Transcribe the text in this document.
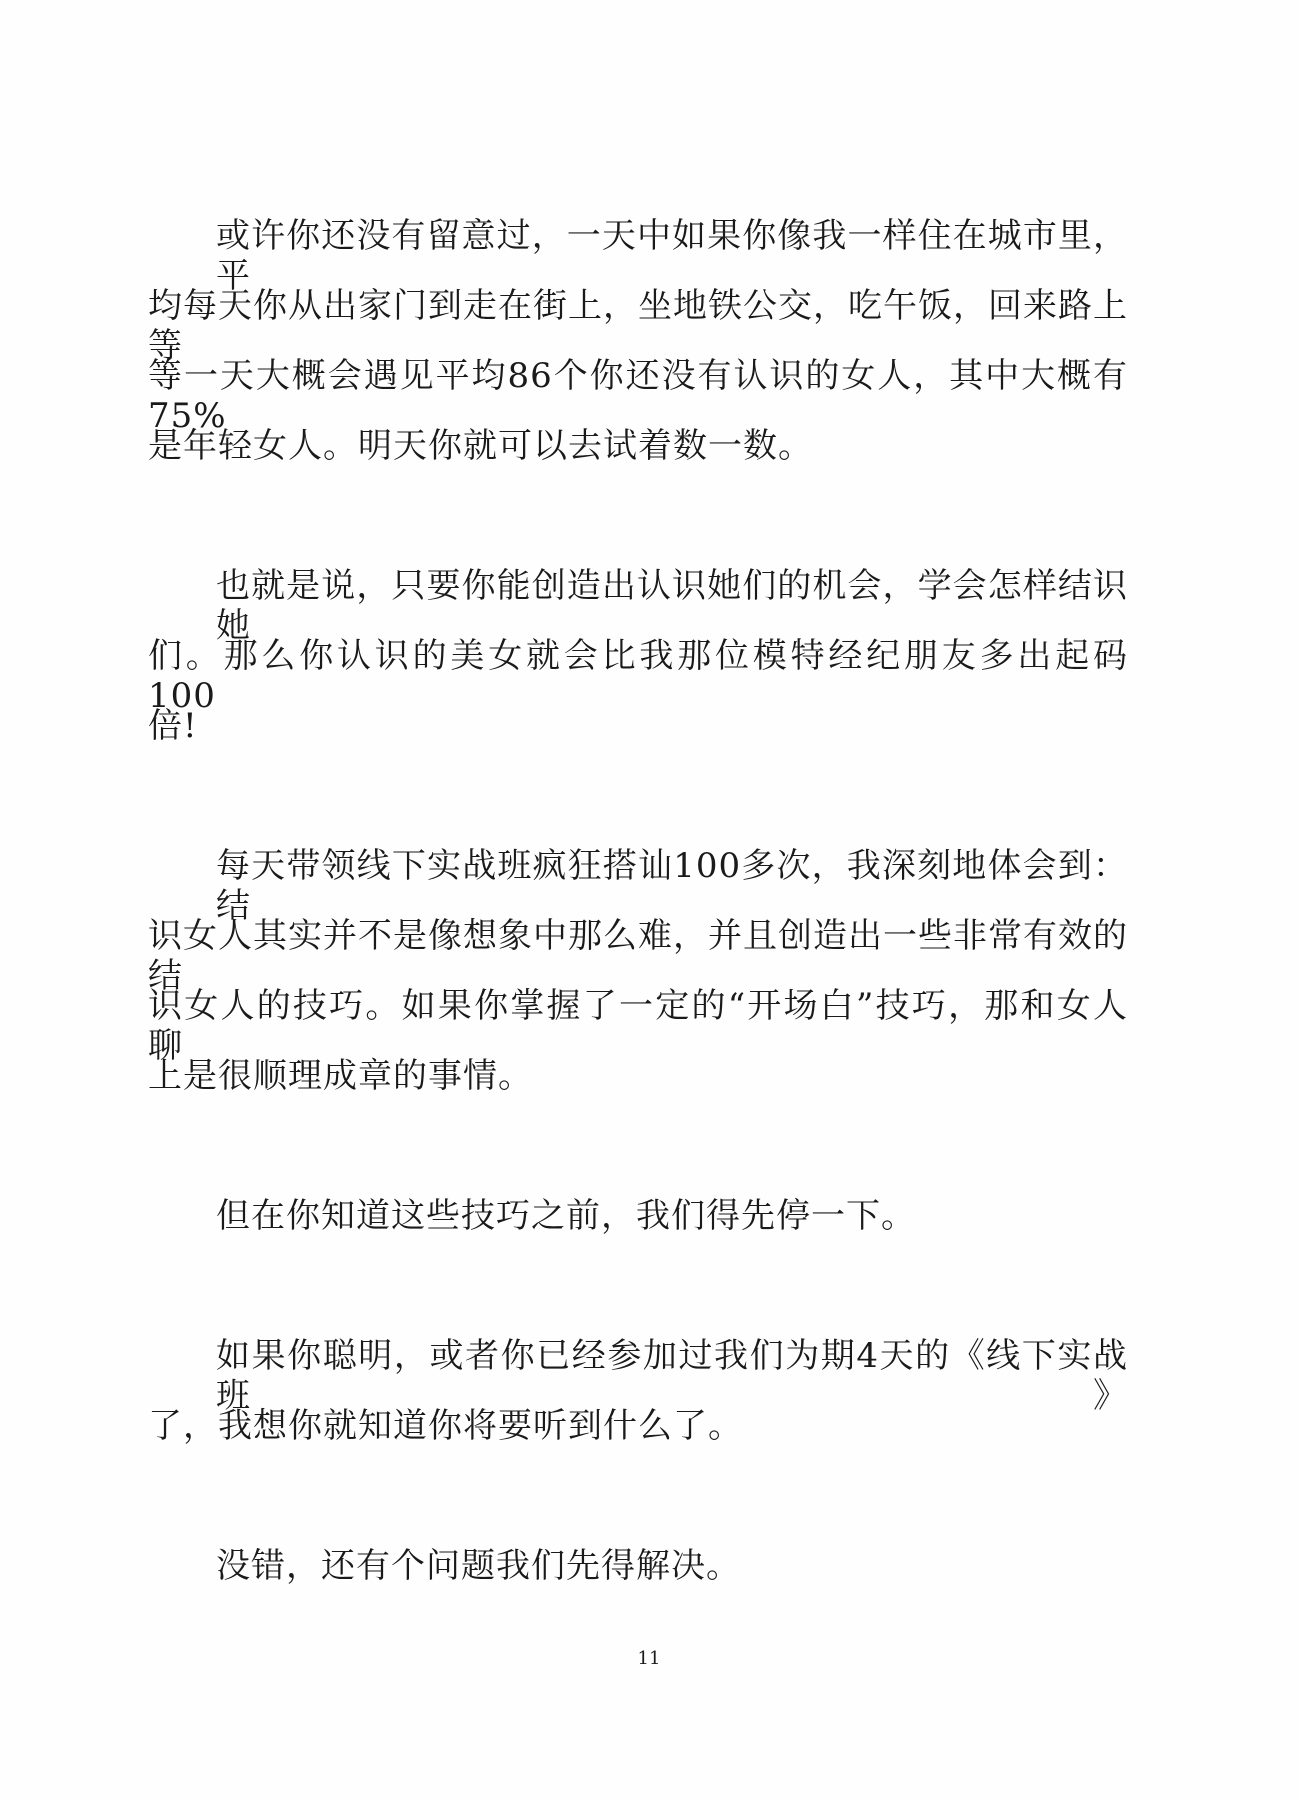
或许你还没有留意过，一天中如果你像我一样住在城市里，平
均每天你从出家门到走在街上，坐地铁公交，吃午饭，回来路上等
等一天大概会遇见平均86个你还没有认识的女人，其中大概有75%
是年轻女人。明天你就可以去试着数一数。
也就是说，只要你能创造出认识她们的机会，学会怎样结识她
们。那么你认识的美女就会比我那位模特经纪朋友多出起码 100
倍!
每天带领线下实战班疯狂搭讪100多次，我深刻地体会到：结
识女人其实并不是像想象中那么难，并且创造出一些非常有效的结
识女人的技巧。如果你掌握了一定的“开场白”技巧，那和女人聊
上是很顺理成章的事情。
但在你知道这些技巧之前，我们得先停一下。
如果你聪明，或者你已经参加过我们为期4天的《线下实战班》
了，我想你就知道你将要听到什么了。
没错，还有个问题我们先得解决。
11
